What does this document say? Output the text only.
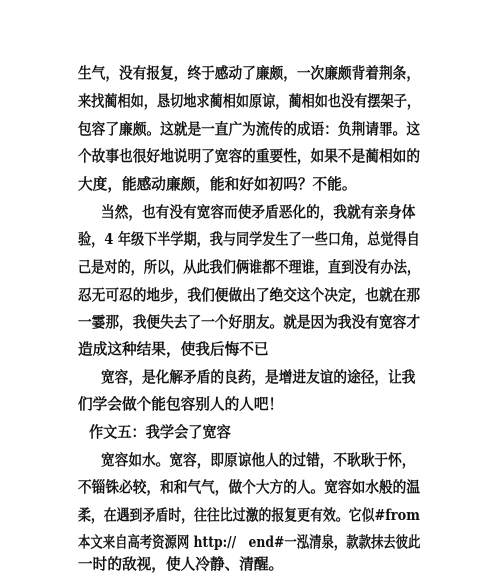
生气，没有报复，终于感动了廉颇，一次廉颇背着荆条，
来找蔺相如，恳切地求蔺相如原谅，蔺相如也没有摆架子，
包容了廉颇。这就是一直广为流传的成语：负荆请罪。这
个故事也很好地说明了宽容的重要性，如果不是蔺相如的
大度，能感动廉颇，能和好如初吗？不能。
当然，也有没有宽容而使矛盾恶化的，我就有亲身体
验，4 年级下半学期，我与同学发生了一些口角，总觉得自
己是对的，所以，从此我们俩谁都不理谁，直到没有办法，
忍无可忍的地步，我们便做出了绝交这个决定，也就在那
一霎那，我便失去了一个好朋友。就是因为我没有宽容才
造成这种结果，使我后悔不已
宽容，是化解矛盾的良药，是增进友谊的途径，让我
们学会做个能包容别人的人吧！
作文五：我学会了宽容
宽容如水。宽容，即原谅他人的过错，不耿耿于怀，
不锱铢必较，和和气气，做个大方的人。宽容如水般的温
柔，在遇到矛盾时，往往比过激的报复更有效。它似#from
本文来自高考资源网 http://　end#一泓清泉，款款抹去彼此
一时的敌视，使人冷静、清醒。
